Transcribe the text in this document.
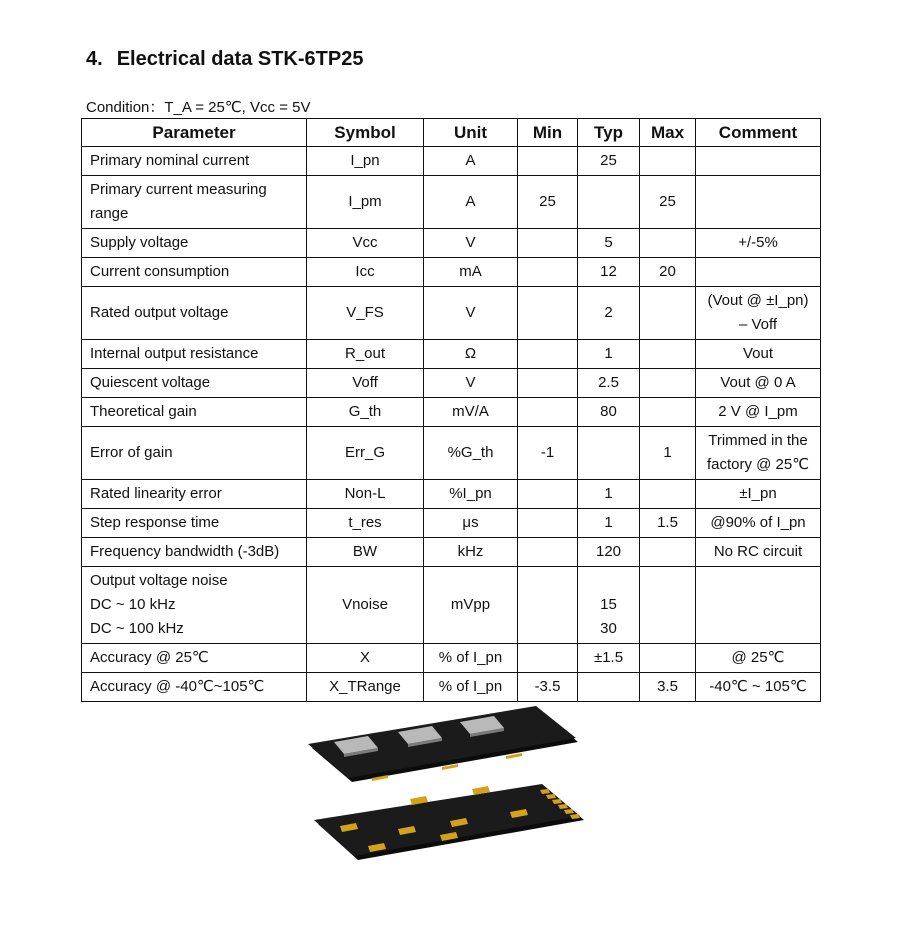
4. Electrical data STK-6TP25
Condition：T_A = 25℃, Vcc = 5V
Parameter	Symbol	Unit	Min	Typ	Max	Comment

Primary nominal current	I_pn	A		25

Primary current measuring
range	I_pm	A	25		25	

Supply voltage	Vcc	V		5		+/-5%

Current consumption	Icc	mA		12	20	

Rated output voltage	V_FS	V		2		(Vout @ ±I_pn)
– Voff

Internal output resistance	R_out	Ω		1		Vout

Quiescent voltage	Voff	V		2.5		Vout @ 0 A

Theoretical gain	G_th	mV/A		80		2 V @ I_pm

Error of gain	Err_G	%G_th	-1		1	Trimmed in the
factory @ 25℃

Rated linearity error	Non-L	%I_pn		1		±I_pn

Step response time	t_res	μs		1	1.5	@90% of I_pn

Frequency bandwidth (-3dB)	BW	kHz		120		No RC circuit

Output voltage noise
DC ~ 10 kHz
DC ~ 100 kHz	Vnoise	mVpp		15
30

Accuracy @ 25℃	X	% of I_pn		±1.5		@ 25℃

Accuracy @ -40℃~105℃	X_TRange	% of I_pn	-3.5		3.5	-40℃ ~ 105℃
